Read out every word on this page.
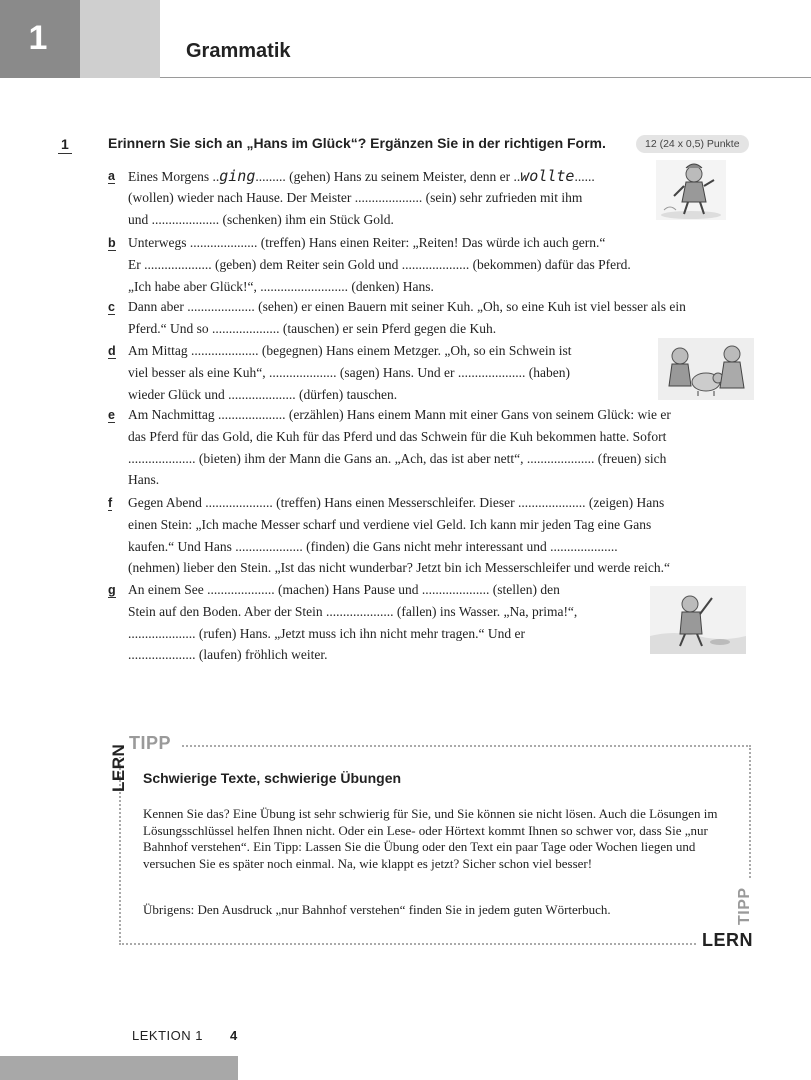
1	Grammatik
1	Erinnern Sie sich an „Hans im Glück“? Ergänzen Sie in der richtigen Form.	12 (24 x 0,5) Punkte
a Eines Morgens ..ging......... (gehen) Hans zu seinem Meister, denn er ..wollte......
(wollen) wieder nach Hause. Der Meister .................... (sein) sehr zufrieden mit ihm
und .................... (schenken) ihm ein Stück Gold.
b Unterwegs .................... (treffen) Hans einen Reiter: „Reiten! Das würde ich auch gern.“
Er .................... (geben) dem Reiter sein Gold und .................... (bekommen) dafür das Pferd.
„Ich habe aber Glück!“, .......................... (denken) Hans.
c Dann aber .................... (sehen) er einen Bauern mit seiner Kuh. „Oh, so eine Kuh ist viel besser als ein
Pferd.“ Und so .................... (tauschen) er sein Pferd gegen die Kuh.
d Am Mittag .................... (begegnen) Hans einem Metzger. „Oh, so ein Schwein ist
viel besser als eine Kuh“, .................... (sagen) Hans. Und er .................... (haben)
wieder Glück und .................... (dürfen) tauschen.
e Am Nachmittag .................... (erzählen) Hans einem Mann mit einer Gans von seinem Glück: wie er
das Pferd für das Gold, die Kuh für das Pferd und das Schwein für die Kuh bekommen hatte. Sofort
.................... (bieten) ihm der Mann die Gans an. „Ach, das ist aber nett“, .................... (freuen) sich
Hans.
f Gegen Abend .................... (treffen) Hans einen Messerschleifer. Dieser .................... (zeigen) Hans
einen Stein: „Ich mache Messer scharf und verdiene viel Geld. Ich kann mir jeden Tag eine Gans
kaufen.“ Und Hans .................... (finden) die Gans nicht mehr interessant und ....................
(nehmen) lieber den Stein. „Ist das nicht wunderbar? Jetzt bin ich Messerschleifer und werde reich.“
g An einem See .................... (machen) Hans Pause und .................... (stellen) den
Stein auf den Boden. Aber der Stein .................... (fallen) ins Wasser. „Na, prima!“,
.................... (rufen) Hans. „Jetzt muss ich ihn nicht mehr tragen.“ Und er
.................... (laufen) fröhlich weiter.
LERN
TIPP
Schwierige Texte, schwierige Übungen
Kennen Sie das? Eine Übung ist sehr schwierig für Sie, und Sie können sie nicht lösen. Auch die Lösungen im Lösungsschlüssel helfen Ihnen nicht. Oder ein Lese- oder Hörtext kommt Ihnen so schwer vor, dass Sie „nur Bahnhof verstehen“. Ein Tipp: Lassen Sie die Übung oder den Text ein paar Tage oder Wochen liegen und versuchen Sie es später noch einmal. Na, wie klappt es jetzt? Sicher schon viel besser!
Übrigens: Den Ausdruck „nur Bahnhof verstehen“ finden Sie in jedem guten Wörterbuch.	TIPP
LERN
LEKTION 1 4
